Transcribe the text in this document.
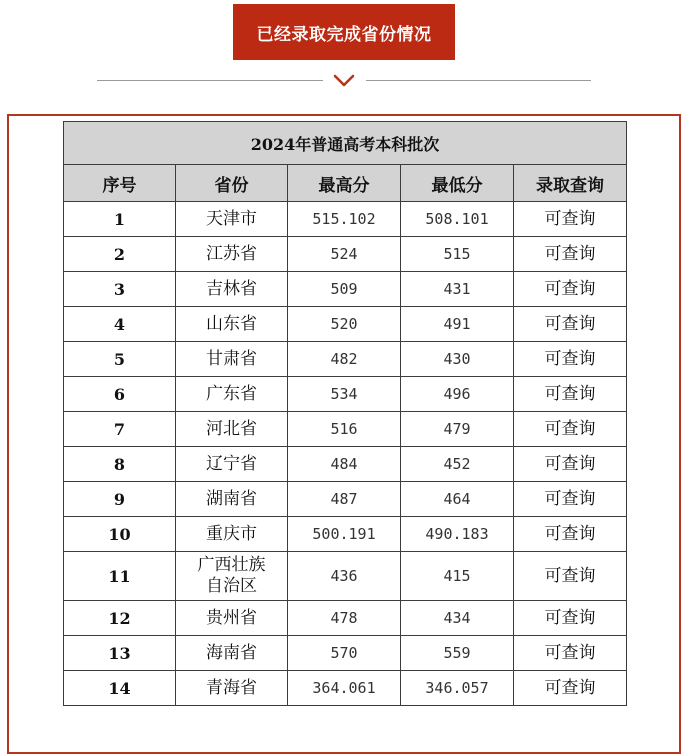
已经录取完成省份情况
2024年普通高考本科批次				
序号	省份	最高分	最低分	录取查询
1	天津市	515.102	508.101	可查询
2	江苏省	524	515	可查询
3	吉林省	509	431	可查询
4	山东省	520	491	可查询
5	甘肃省	482	430	可查询
6	广东省	534	496	可查询
7	河北省	516	479	可查询
8	辽宁省	484	452	可查询
9	湖南省	487	464	可查询
10	重庆市	500.191	490.183	可查询
11	广西壮族自治区	436	415	可查询
12	贵州省	478	434	可查询
13	海南省	570	559	可查询
14	青海省	364.061	346.057	可查询
